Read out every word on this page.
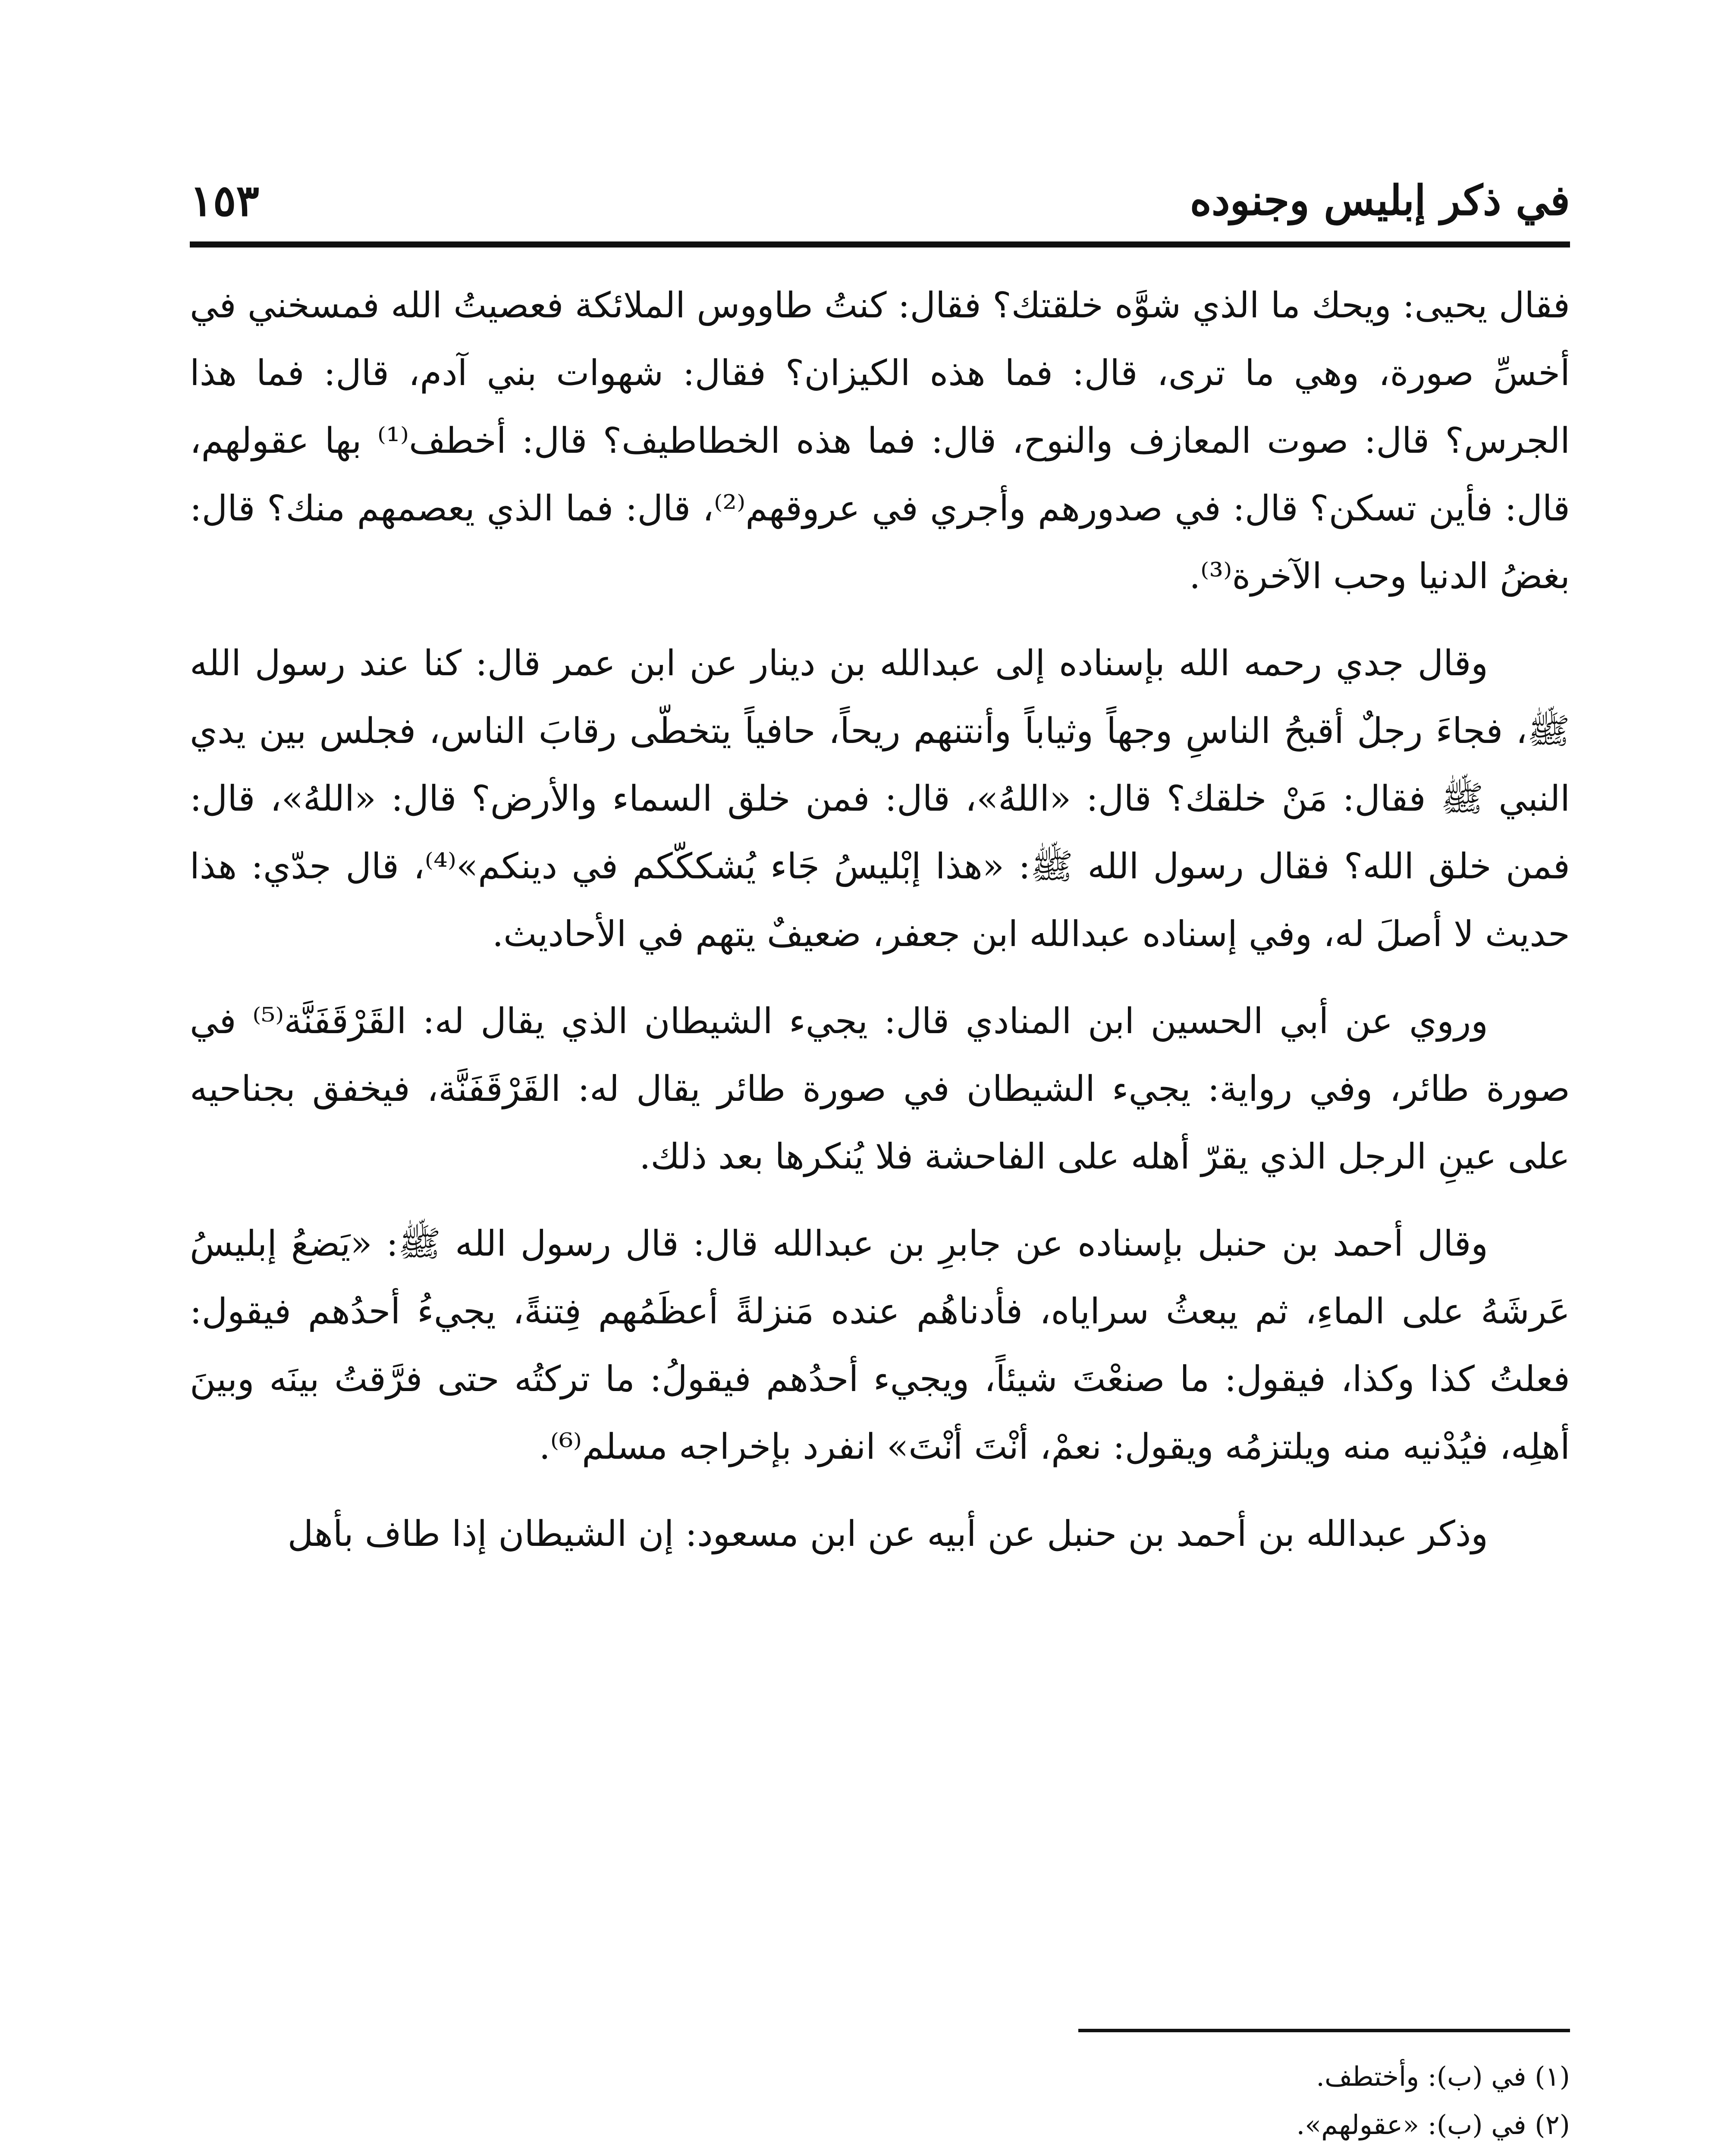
في ذكر إبليس وجنوده
١٥٣

فقال يحيى: ويحك ما الذي شوَّه خلقتك؟ فقال: كنتُ طاووس الملائكة فعصيتُ الله فمسخني في أخسِّ صورة، وهي ما ترى، قال: فما هذه الكيزان؟ فقال: شهوات بني آدم، قال: فما هذا الجرس؟ قال: صوت المعازف والنوح، قال: فما هذه الخطاطيف؟ قال: أخطف⁽¹⁾ بها عقولهم، قال: فأين تسكن؟ قال: في صدورهم وأجري في عروقهم⁽²⁾، قال: فما الذي يعصمهم منك؟ قال: بغضُ الدنيا وحب الآخرة⁽³⁾.

وقال جدي رحمه الله بإسناده إلى عبدالله بن دينار عن ابن عمر قال: كنا عند رسول الله ﷺ، فجاءَ رجلٌ أقبحُ الناسِ وجهاً وثياباً وأنتنهم ريحاً، حافياً يتخطّى رقابَ الناس، فجلس بين يدي النبي ﷺ فقال: مَنْ خلقك؟ قال: «اللهُ»، قال: فمن خلق السماء والأرض؟ قال: «اللهُ»، قال: فمن خلق الله؟ فقال رسول الله ﷺ: «هذا إبْليسُ جَاء يُشككّكم في دينكم»⁽⁴⁾، قال جدّي: هذا حديث لا أصلَ له، وفي إسناده عبدالله ابن جعفر، ضعيفٌ يتهم في الأحاديث.

وروي عن أبي الحسين ابن المنادي قال: يجيء الشيطان الذي يقال له: القَرْقَفَنَّة⁽⁵⁾ في صورة طائر، وفي رواية: يجيء الشيطان في صورة طائر يقال له: القَرْقَفَنَّة، فيخفق بجناحيه على عينِ الرجل الذي يقرّ أهله على الفاحشة فلا يُنكرها بعد ذلك.

وقال أحمد بن حنبل بإسناده عن جابرِ بن عبدالله قال: قال رسول الله ﷺ: «يَضعُ إبليسُ عَرشَهُ على الماءِ، ثم يبعثُ سراياه، فأدناهُم عنده مَنزلةً أعظَمُهم فِتنةً، يجيءُ أحدُهم فيقول: فعلتُ كذا وكذا، فيقول: ما صنعْتَ شيئاً، ويجيء أحدُهم فيقولُ: ما تركتُه حتى فرَّقتُ بينَه وبينَ أهلِه، فيُدْنيه منه ويلتزمُه ويقول: نعمْ، أنْتَ أنْتَ» انفرد بإخراجه مسلم⁽⁶⁾.

وذكر عبدالله بن أحمد بن حنبل عن أبيه عن ابن مسعود: إن الشيطان إذا طاف بأهل

(١) في (ب): وأختطف.

(٢) في (ب): «عقولهم».
